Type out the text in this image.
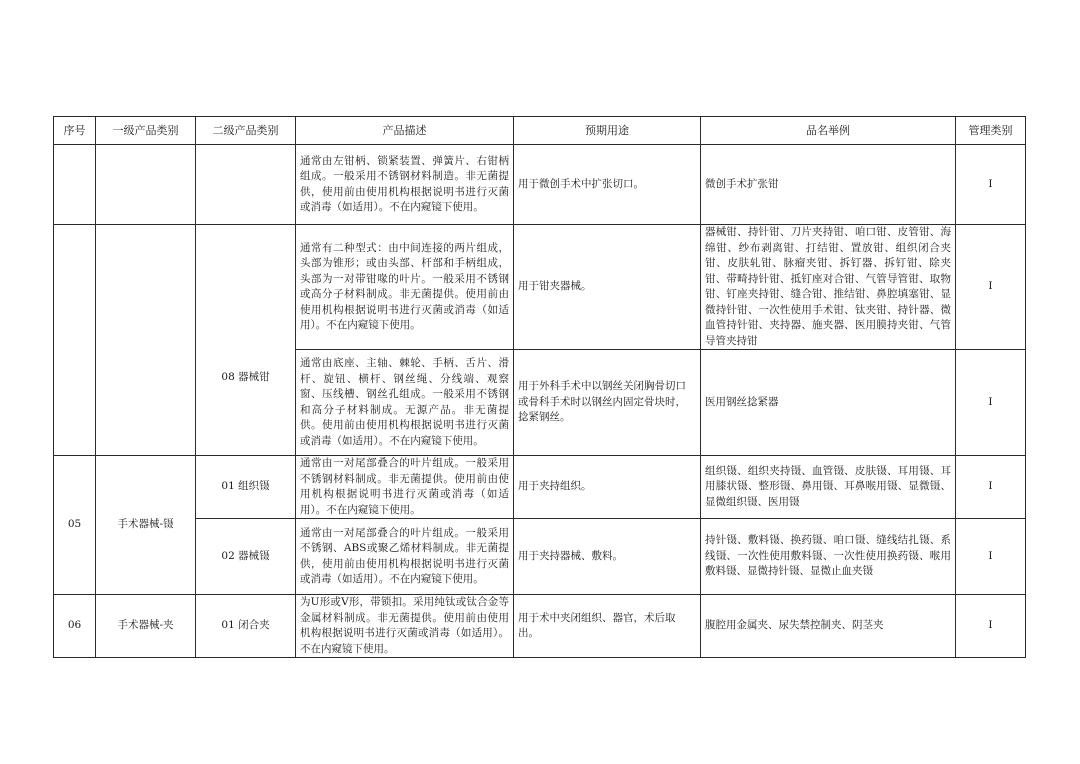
序号	一级产品类别	二级产品类别	产品描述	预期用途	品名举例	管理类别
			通常由左钳柄、锁紧装置、弹簧片、右钳柄组成。一般采用不锈钢材料制造。非无菌提供，使用前由使用机构根据说明书进行灭菌或消毒（如适用）。不在内窥镜下使用。	用于微创手术中扩张切口。	微创手术扩张钳	I
		08 器械钳	通常有二种型式：由中间连接的两片组成，头部为锥形；或由头部、杆部和手柄组成，头部为一对带钳喙的叶片。一般采用不锈钢或高分子材料制成。非无菌提供。使用前由使用机构根据说明书进行灭菌或消毒（如适用）。不在内窥镜下使用。	用于钳夹器械。	器械钳、持针钳、刀片夹持钳、咱口钳、皮管钳、海绵钳、纱布剥离钳、打结钳、置放钳、组织闭合夹钳、皮肤轧钳、脉瘤夹钳、拆钉器、拆钉钳、除夹钳、带畸持针钳、抵钉座对合钳、气管导管钳、取物钳、钉座夹持钳、缝合钳、推结钳、鼻腔填塞钳、显微持针钳、一次性使用手术钳、钛夹钳、持针器、微血管持针钳、夹持器、施夹器、医用膜持夹钳、气管导管夹持钳	I
			通常由底座、主轴、棘轮、手柄、舌片、滑杆、旋钮、横杆、钢丝绳、分线端、观察窗、压线槽、钢丝孔组成。一般采用不锈钢和高分子材料制成。无源产品。非无菌提供。使用前由使用机构根据说明书进行灭菌或消毒（如适用）。不在内窥镜下使用。	用于外科手术中以钢丝关闭胸骨切口或骨科手术时以钢丝内固定骨块时，捻紧钢丝。	医用钢丝捻紧器	I
05	手术器械-镊	01 组织镊	通常由一对尾部叠合的叶片组成。一般采用不锈钢材料制成。非无菌提供。使用前由使用机构根据说明书进行灭菌或消毒（如适用）。不在内窥镜下使用。	用于夹持组织。	组织镊、组织夹持镊、血管镊、皮肤镊、耳用镊、耳用膝状镊、整形镊、鼻用镊、耳鼻喉用镊、显微镊、显微组织镊、医用镊	I
		02 器械镊	通常由一对尾部叠合的叶片组成。一般采用不锈钢、ABS或聚乙烯材料制成。非无菌提供，使用前由使用机构根据说明书进行灭菌或消毒（如适用）。不在内窥镜下使用。	用于夹持器械、敷料。	持针镊、敷料镊、换药镊、咱口镊、缝线结扎镊、系线镊、一次性使用敷料镊、一次性使用换药镊、喉用敷料镊、显微持针镊、显微止血夹镊	I
06	手术器械-夹	01 闭合夹	为U形或V形，带锁扣。采用纯钛或钛合金等金属材料制成。非无菌提供。使用前由使用机构根据说明书进行灭菌或消毒（如适用）。不在内窥镜下使用。	用于术中夹闭组织、器官，术后取出。	腹腔用金属夹、尿失禁控制夹、阴茎夹	I
